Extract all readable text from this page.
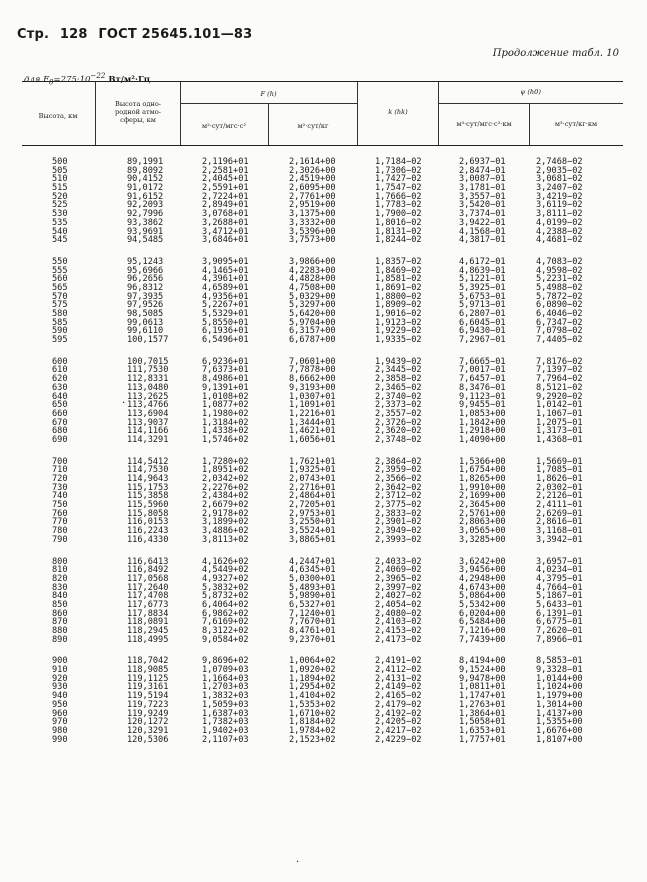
Стр. 128 ГОСТ 25645.101—83
Продолжение табл. 10
для $F_0=275\cdot 10^{-22}$ Вт/м²·Гц
Высота, км
Высота одно-родной атмо-сферы, км
F (h)
м²·сут/мгс·с²	м²·сут/кг
k (hk)
ψ (h0)
м³·сут/мгс·с²·км	м³·сут/кг·км
500
505
510
515
520
525
530
535
540
545
550
555
560
565
570
575
580
585
590
595
600
610
620
630
640
650
660
670
680
690
700
710
720
730
740
750
760
770
780
790
800
810
820
830
840
850
860
870
880
890
900
910
920
930
940
950
960
970
980
990
89,1991
89,8092
90,4152
91,0172
91,6152
92,2093
92,7996
93,3862
93,9691
94,5485
95,1243
95,6966
96,2656
96,8312
97,3935
97,9526
98,5085
99,0613
99,6110
100,1577
100,7015
111,7530
112,8331
113,0480
113,2625
113,4766
113,6904
113,9037
114,1166
114,3291
114,5412
114,7530
114,9643
115,1753
115,3858
115,5960
115,8058
116,0153
116,2243
116,4330
116,6413
116,8492
117,0568
117,2640
117,4708
117,6773
117,8834
118,0891
118,2945
118,4995
118,7042
118,9085
119,1125
119,3161
119,5194
119,7223
119,9249
120,1272
120,3291
120,5306
2,1196+01
2,2581+01
2,4045+01
2,5591+01
2,7224+01
2,8949+01
3,0768+01
3,2688+01
3,4712+01
3,6846+01
3,9095+01
4,1465+01
4,3961+01
4,6589+01
4,9356+01
5,2267+01
5,5329+01
5,8550+01
6,1936+01
6,5496+01
6,9236+01
7,6373+01
8,4986+01
9,1391+01
1,0108+02
1,0877+02
1,1980+02
1,3184+02
1,4338+02
1,5746+02
1,7280+02
1,8951+02
2,0342+02
2,2276+02
2,4384+02
2,6679+02
2,9178+02
3,1899+02
3,4886+02
3,8113+02
4,1626+02
4,5449+02
4,9327+02
5,3832+02
5,8732+02
6,4064+02
6,9862+02
7,6169+02
8,3122+02
9,0584+02
9,8696+02
1,0709+03
1,1664+03
1,2703+03
1,3832+03
1,5059+03
1,6387+03
1,7382+03
1,9402+03
2,1107+03
2,1614+00
2,3026+00
2,4519+00
2,6095+00
2,7761+00
2,9519+00
3,1375+00
3,3332+00
3,5396+00
3,7573+00
3,9866+00
4,2283+00
4,4828+00
4,7508+00
5,0329+00
5,3297+00
5,6420+00
5,9704+00
6,3157+00
6,6787+00
7,0601+00
7,7878+00
8,6662+00
9,3193+00
1,0307+01
1,1091+01
1,2216+01
1,3444+01
1,4621+01
1,6056+01
1,7621+01
1,9325+01
2,0743+01
2,2716+01
2,4864+01
2,7205+01
2,9753+01
3,2550+01
3,5524+01
3,8865+01
4,2447+01
4,6345+01
5,0300+01
5,4893+01
5,9890+01
6,5327+01
7,1240+01
7,7670+01
8,4761+01
9,2370+01
1,0064+02
1,0920+02
1,1894+02
1,2954+02
1,4104+02
1,5353+02
1,6710+02
1,8184+02
1,9784+02
2,1523+02
1,7184−02
1,7306−02
1,7427−02
1,7547−02
1,7666−02
1,7783−02
1,7900−02
1,8016−02
1,8131−02
1,8244−02
1,8357−02
1,8469−02
1,8581−02
1,8691−02
1,8800−02
1,8909−02
1,9016−02
1,9123−02
1,9229−02
1,9335−02
1,9439−02
2,3445−02
2,3858−02
2,3465−02
2,3740−02
2,3373−02
2,3557−02
2,3726−02
2,3620−02
2,3748−02
2,3864−02
2,3959−02
2,3566−02
2,3642−02
2,3712−02
2,3775−02
2,3833−02
2,3901−02
2,3949−02
2,3993−02
2,4033−02
2,4069−02
2,3965−02
2,3997−02
2,4027−02
2,4054−02
2,4080−02
2,4103−02
2,4153−02
2,4173−02
2,4191−02
2,4112−02
2,4131−02
2,4149−02
2,4165−02
2,4179−02
2,4192−02
2,4205−02
2,4217−02
2,4229−02
2,6937−01
2,8474−01
3,0087−01
3,1781−01
3,3557−01
3,5420−01
3,7374−01
3,9422−01
4,1568−01
4,3817−01
4,6172−01
4,8639−01
5,1221−01
5,3925−01
5,6753−01
5,9713−01
6,2807−01
6,6045−01
6,9430−01
7,2967−01
7,6665−01
7,0017−01
7,6457−01
8,3476−01
9,1123−01
9,9455−01
1,0853+00
1,1842+00
1,2918+00
1,4090+00
1,5366+00
1,6754+00
1,8265+00
1,9910+00
2,1699+00
2,3645+00
2,5761+00
2,8063+00
3,0565+00
3,3285+00
3,6242+00
3,9456+00
4,2948+00
4,6743+00
5,0864+00
5,5342+00
6,0204+00
6,5484+00
7,1216+00
7,7439+00
8,4194+00
9,1524+00
9,9478+00
1,0811+01
1,1747+01
1,2763+01
1,3864+01
1,5058+01
1,6353+01
1,7757+01
2,7468−02
2,9035−02
3,0681−02
3,2407−02
3,4219−02
3,6119−02
3,8111−02
4,0199−02
4,2388−02
4,4681−02
4,7083−02
4,9598−02
5,2231−02
5,4988−02
5,7872−02
6,0890−02
6,4046−02
6,7347−02
7,0798−02
7,4405−02
7,8176−02
7,1397−02
7,7964−02
8,5121−02
9,2920−02
1,0142−01
1,1067−01
1,2075−01
1,3173−01
1,4368−01
1,5669−01
1,7085−01
1,8626−01
2,0302−01
2,2126−01
2,4111−01
2,6269−01
2,8616−01
3,1168−01
3,3942−01
3,6957−01
4,0234−01
4,3795−01
4,7664−01
5,1867−01
5,6433−01
6,1391−01
6,6775−01
7,2620−01
7,8966−01
8,5853−01
9,3328−01
1,0144+00
1,1024+00
1,1979+00
1,3014+00
1,4137+00
1,5355+00
1,6676+00
1,8107+00
·
·
